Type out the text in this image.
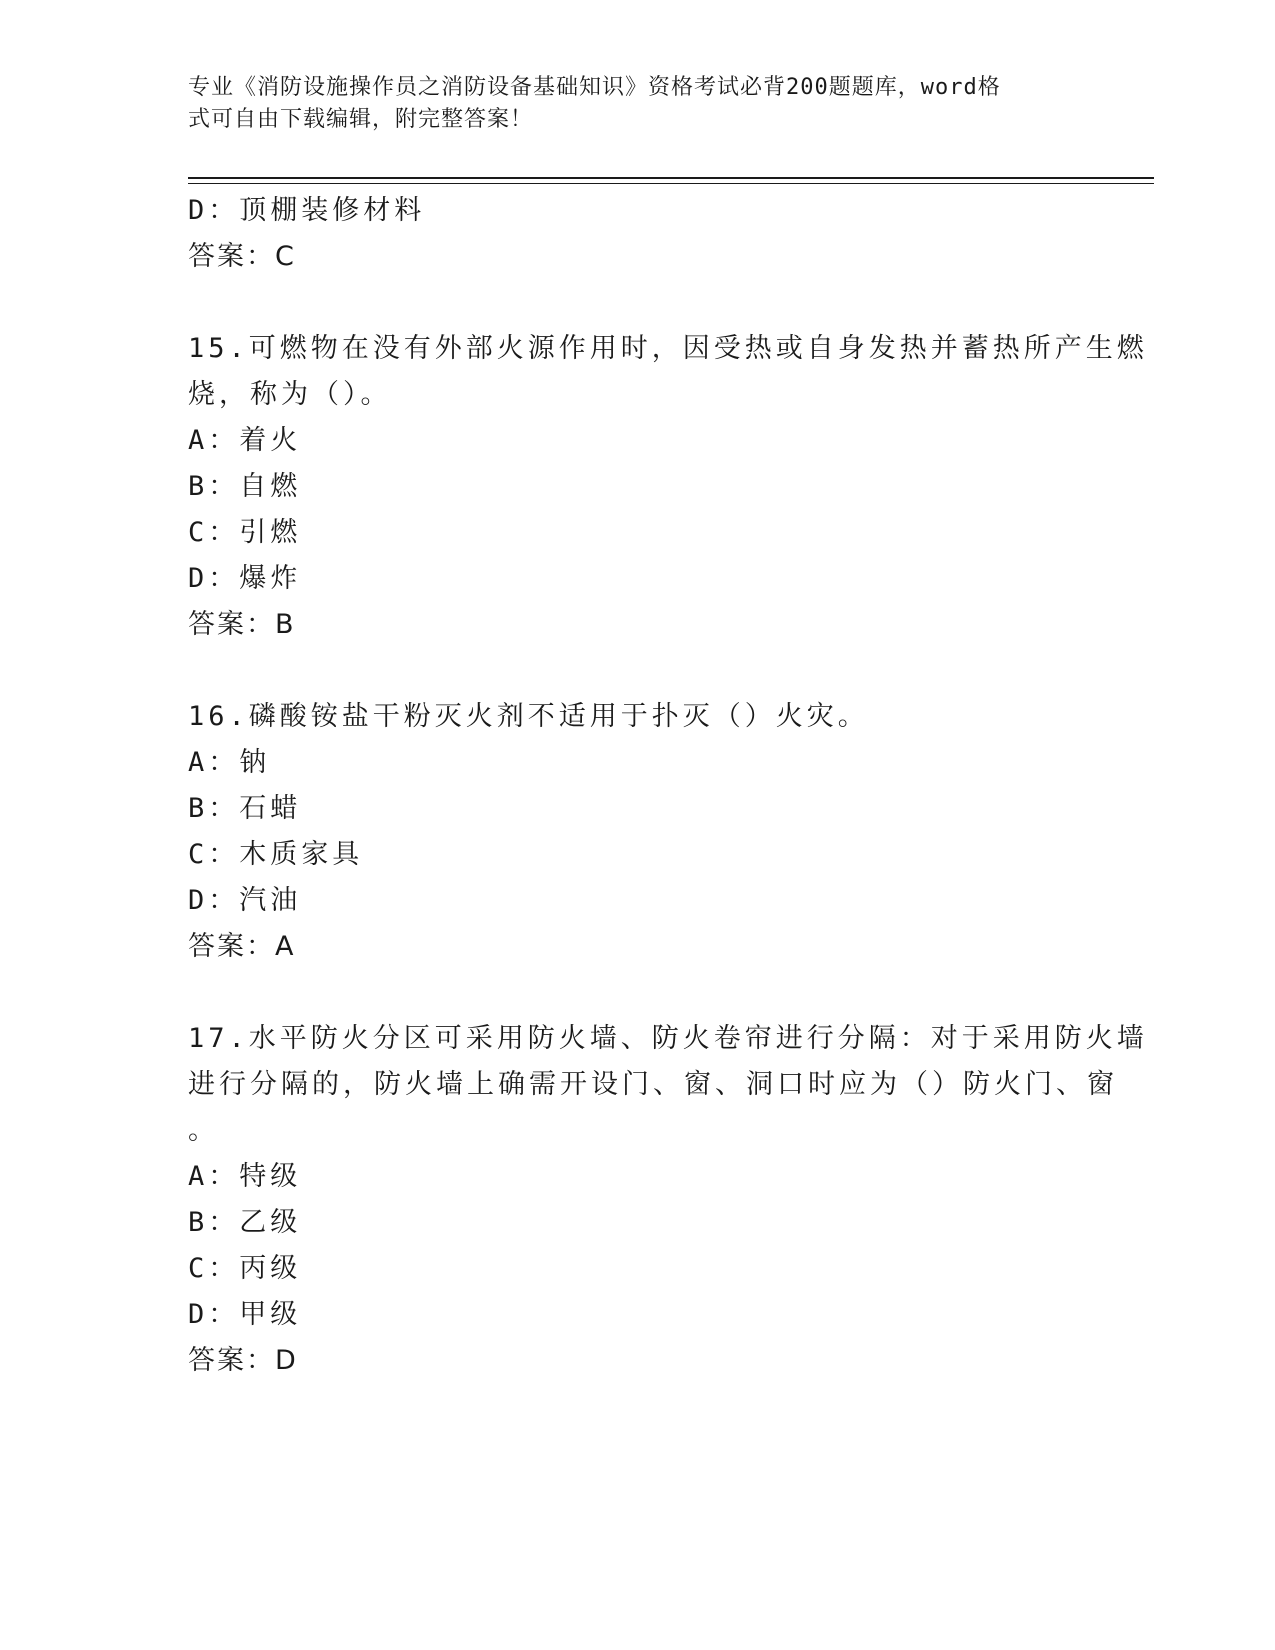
专业《消防设施操作员之消防设备基础知识》资格考试必背200题题库，word格
式可自由下载编辑，附完整答案！
D：顶棚装修材料
答案：C
15.可燃物在没有外部火源作用时，因受热或自身发热并蓄热所产生燃
烧，称为（）。
A：着火
B：自燃
C：引燃
D：爆炸
答案：B
16.磷酸铵盐干粉灭火剂不适用于扑灭（）火灾。
A：钠
B：石蜡
C：木质家具
D：汽油
答案：A
17.水平防火分区可采用防火墙、防火卷帘进行分隔：对于采用防火墙
进行分隔的，防火墙上确需开设门、窗、洞口时应为（）防火门、窗
。
A：特级
B：乙级
C：丙级
D：甲级
答案：D
